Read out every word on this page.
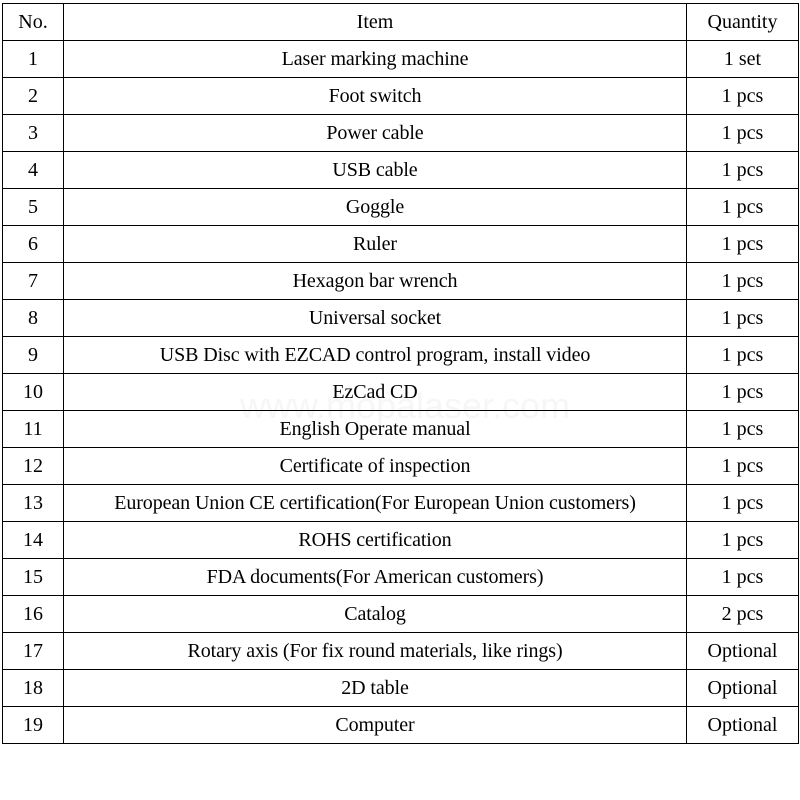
No.	Item	Quantity
1	Laser marking machine	1 set
2	Foot switch	1 pcs
3	Power cable	1 pcs
4	USB cable	1 pcs
5	Goggle	1 pcs
6	Ruler	1 pcs
7	Hexagon bar wrench	1 pcs
8	Universal socket	1 pcs
9	USB Disc with EZCAD control program, install video	1 pcs
10	EzCad CD	1 pcs
11	English Operate manual	1 pcs
12	Certificate of inspection	1 pcs
13	European Union CE certification(For European Union customers)	1 pcs
14	ROHS certification	1 pcs
15	FDA documents(For American customers)	1 pcs
16	Catalog	2 pcs
17	Rotary axis (For fix round materials, like rings)	Optional
18	2D table	Optional
19	Computer	Optional
